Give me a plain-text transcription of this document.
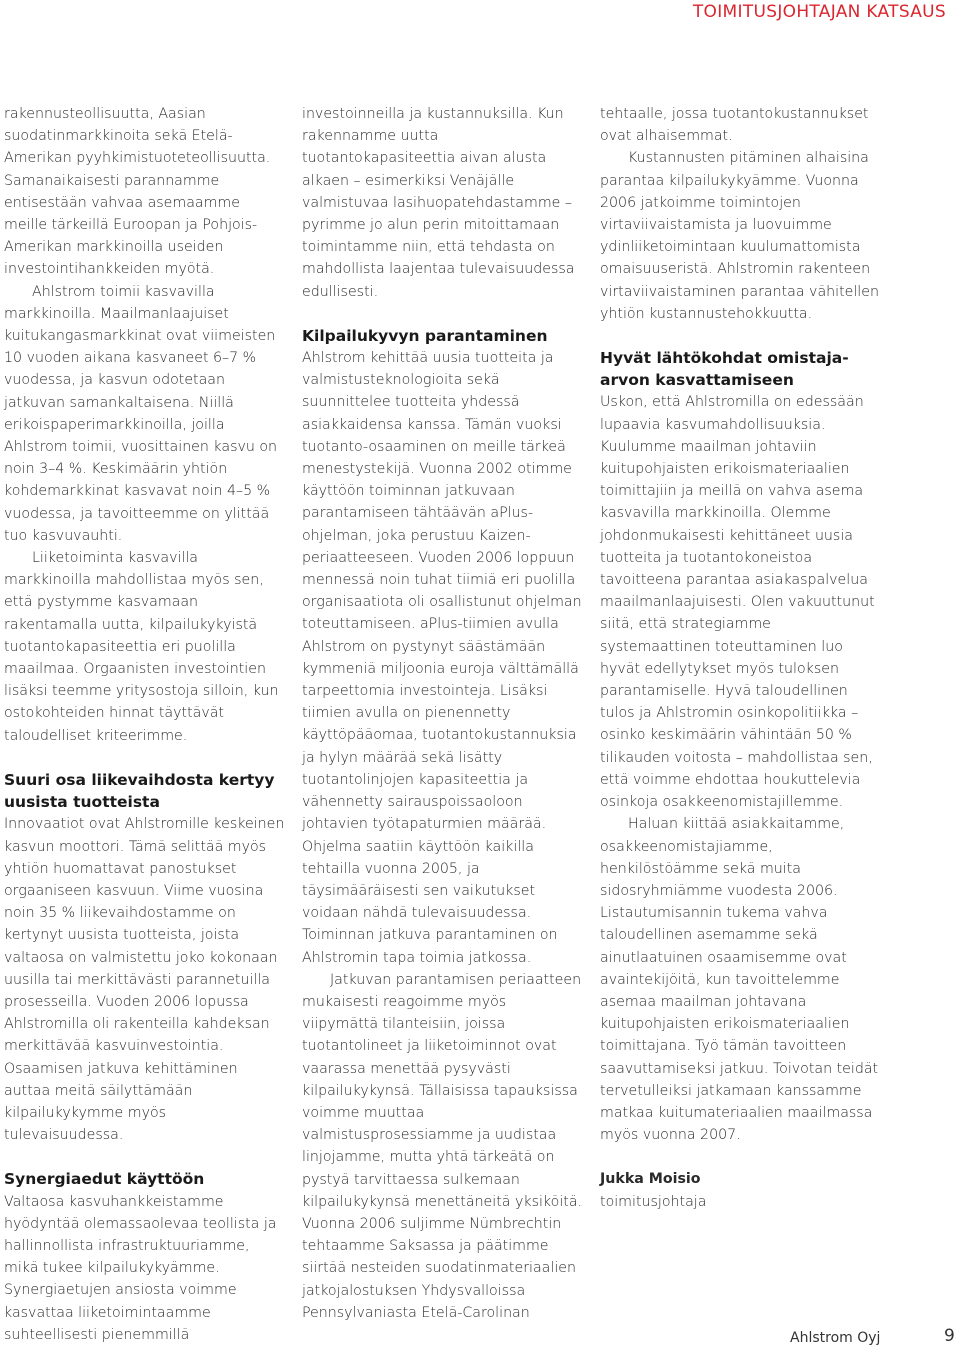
TOIMITUSJOHTAJAN KATSAUS

rakennusteollisuutta, Aasian suodatinmarkkinoita sekä Etelä-Amerikan pyyhkimistuoteteollisuutta. Samanaikaisesti parannamme entisestään vahvaa asemaamme meille tärkeillä Euroopan ja Pohjois-Amerikan markkinoilla useiden investointihankkeiden myötä.

Ahlstrom toimii kasvavilla markkinoilla. Maailmanlaajuiset kuitukangasmarkkinat ovat viimeisten 10 vuoden aikana kasvaneet 6–7 % vuodessa, ja kasvun odotetaan jatkuvan samankaltaisena. Niillä erikoispaperimarkkinoilla, joilla Ahlstrom toimii, vuosittainen kasvu on noin 3–4 %. Keskimäärin yhtiön kohdemarkkinat kasvavat noin 4–5 % vuodessa, ja tavoitteemme on ylittää tuo kasvuvauhti.

Liiketoiminta kasvavilla markkinoilla mahdollistaa myös sen, että pystymme kasvamaan rakentamalla uutta, kilpailukykyistä tuotantokapasiteettia eri puolilla maailmaa. Orgaanisten investointien lisäksi teemme yritysostoja silloin, kun ostokohteiden hinnat täyttävät taloudelliset kriteerimme.

Suuri osa liikevaihdosta kertyy uusista tuotteista

Innovaatiot ovat Ahlstromille keskeinen kasvun moottori. Tämä selittää myös yhtiön huomattavat panostukset orgaaniseen kasvuun. Viime vuosina noin 35 % liikevaihdostamme on kertynyt uusista tuotteista, joista valtaosa on valmistettu joko kokonaan uusilla tai merkittävästi parannetuilla prosesseilla. Vuoden 2006 lopussa Ahlstromilla oli rakenteilla kahdeksan merkittävää kasvuinvestointia. Osaamisen jatkuva kehittäminen auttaa meitä säilyttämään kilpailukykymme myös tulevaisuudessa.

Synergiaedut käyttöön

Valtaosa kasvuhankkeistamme hyödyntää olemassaolevaa teollista ja hallinnollista infrastruktuuriamme, mikä tukee kilpailukykyämme. Synergiaetujen ansiosta voimme kasvattaa liiketoimintaamme suhteellisesti pienemmillä

investoinneilla ja kustannuksilla. Kun rakennamme uutta tuotantokapasiteettia aivan alusta alkaen – esimerkiksi Venäjälle valmistuvaa lasihuopatehdastamme – pyrimme jo alun perin mitoittamaan toimintamme niin, että tehdasta on mahdollista laajentaa tulevaisuudessa edullisesti.

Kilpailukyvyn parantaminen

Ahlstrom kehittää uusia tuotteita ja valmistusteknologioita sekä suunnittelee tuotteita yhdessä asiakkaidensa kanssa. Tämän vuoksi tuotanto-osaaminen on meille tärkeä menestystekijä. Vuonna 2002 otimme käyttöön toiminnan jatkuvaan parantamiseen tähtäävän aPlus-ohjelman, joka perustuu Kaizen-periaatteeseen. Vuoden 2006 loppuun mennessä noin tuhat tiimiä eri puolilla organisaatiota oli osallistunut ohjelman toteuttamiseen. aPlus-tiimien avulla Ahlstrom on pystynyt säästämään kymmeniä miljoonia euroja välttämällä tarpeettomia investointeja. Lisäksi tiimien avulla on pienennetty käyttöpääomaa, tuotantokustannuksia ja hylyn määrää sekä lisätty tuotantolinjojen kapasiteettia ja vähennetty sairauspoissaoloon johtavien työtapaturmien määrää. Ohjelma saatiin käyttöön kaikilla tehtailla vuonna 2005, ja täysimääräisesti sen vaikutukset voidaan nähdä tulevaisuudessa. Toiminnan jatkuva parantaminen on Ahlstromin tapa toimia jatkossa.

Jatkuvan parantamisen periaatteen mukaisesti reagoimme myös viipymättä tilanteisiin, joissa tuotantolineet ja liiketoiminnot ovat vaarassa menettää pysyvästi kilpailukykynsä. Tällaisissa tapauksissa voimme muuttaa valmistusprosessiamme ja uudistaa linjojamme, mutta yhtä tärkeätä on pystyä tarvittaessa sulkemaan kilpailukykynsä menettäneitä yksiköitä. Vuonna 2006 suljimme Nümbrechtin tehtaamme Saksassa ja päätimme siirtää nesteiden suodatinmateriaalien jatkojalostuksen Yhdysvalloissa Pennsylvaniasta Etelä-Carolinan

tehtaalle, jossa tuotantokustannukset ovat alhaisemmat.

Kustannusten pitäminen alhaisina parantaa kilpailukykyämme. Vuonna 2006 jatkoimme toimintojen virtaviivaistamista ja luovuimme ydinliiketoimintaan kuulumattomista omaisuuseristä. Ahlstromin rakenteen virtaviivaistaminen parantaa vähitellen yhtiön kustannustehokkuutta.

Hyvät lähtökohdat omistaja-arvon kasvattamiseen

Uskon, että Ahlstromilla on edessään lupaavia kasvumahdollisuuksia. Kuulumme maailman johtaviin kuitupohjaisten erikoismateriaalien toimittajiin ja meillä on vahva asema kasvavilla markkinoilla. Olemme johdonmukaisesti kehittäneet uusia tuotteita ja tuotantokoneistoa tavoitteena parantaa asiakaspalvelua maailmanlaajuisesti. Olen vakuuttunut siitä, että strategiamme systemaattinen toteuttaminen luo hyvät edellytykset myös tuloksen parantamiselle. Hyvä taloudellinen tulos ja Ahlstromin osinkopolitiikka – osinko keskimäärin vähintään 50 % tilikauden voitosta – mahdollistaa sen, että voimme ehdottaa houkuttelevia osinkoja osakkeenomistajillemme.

Haluan kiittää asiakkaitamme, osakkeenomistajiamme, henkilöstöämme sekä muita sidosryhmiämme vuodesta 2006. Listautumisannin tukema vahva taloudellinen asemamme sekä ainutlaatuinen osaamisemme ovat avaintekijöitä, kun tavoittelemme asemaa maailman johtavana kuitupohjaisten erikoismateriaalien toimittajana. Työ tämän tavoitteen saavuttamiseksi jatkuu. Toivotan teidät tervetulleiksi jatkamaan kanssamme matkaa kuitumateriaalien maailmassa myös vuonna 2007.

Jukka Moisio

toimitusjohtaja

Ahlstrom Oyj	9
